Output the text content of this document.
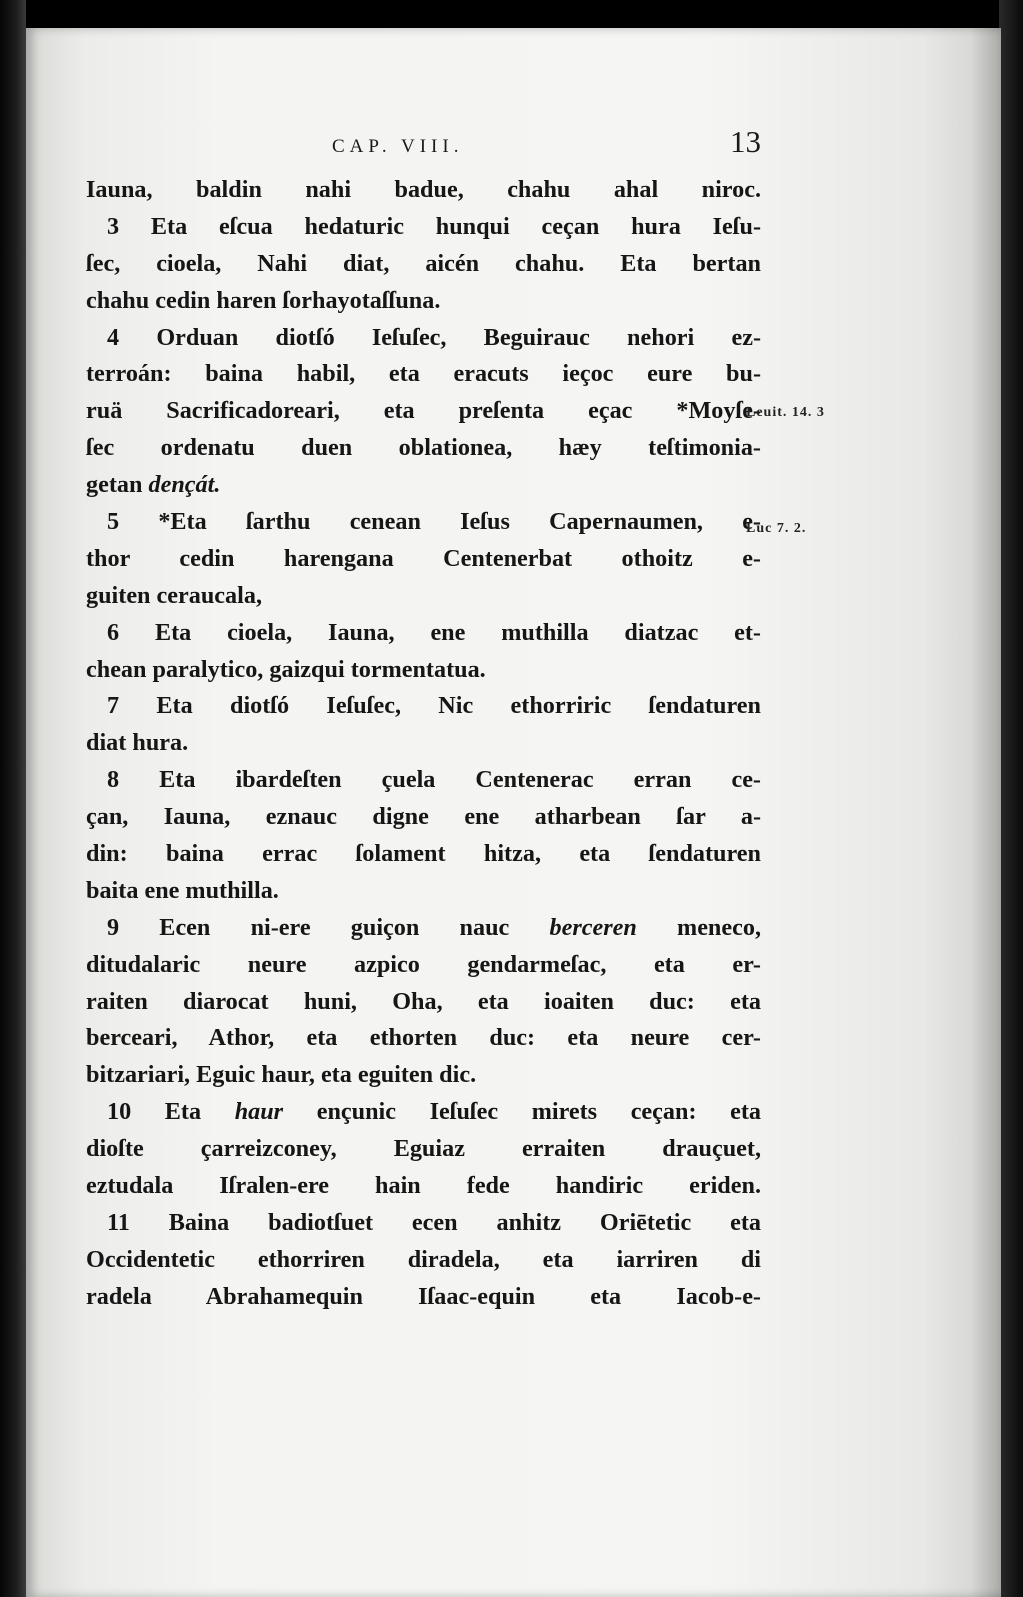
CAP. VIII.	13
Iauna, baldin nahi badue, chahu ahal niroc.
3 Eta eſcua hedaturic hunqui ceçan hura Ieſu-
ſec, cioela, Nahi diat, aicén chahu. Eta bertan
chahu cedin haren ſorhayotaſſuna.
4 Orduan diotſó Ieſuſec, Beguirauc nehori ez-
terroán: baina habil, eta eracuts ieçoc eure bu-
ruä Sacrificadoreari, eta preſenta eçac *Moyſe-
ſec ordenatu duen oblationea, hæy teſtimonia-
getan dençát.
5 *Eta ſarthu cenean Ieſus Capernaumen, e-
thor cedin harengana Centenerbat othoitz e-
guiten ceraucala,
6 Eta cioela, Iauna, ene muthilla diatzac et-
chean paralytico, gaizqui tormentatua.
7 Eta diotſó Ieſuſec, Nic ethorriric ſendaturen
diat hura.
8 Eta ibardeſten çuela Centenerac erran ce-
çan, Iauna, eznauc digne ene atharbean ſar a-
din: baina errac ſolament hitza, eta ſendaturen
baita ene muthilla.
9 Ecen ni-ere guiçon nauc berceren meneco,
ditudalaric neure azpico gendarmeſac, eta er-
raiten diarocat huni, Oha, eta ioaiten duc: eta
berceari, Athor, eta ethorten duc: eta neure cer-
bitzariari, Eguic haur, eta eguiten dic.
10 Eta haur ençunic Ieſuſec mirets ceçan: eta
dioſte çarreizconey, Eguiaz erraiten drauçuet,
eztudala Iſralen-ere hain fede handiric eriden.
11 Baina badiotſuet ecen anhitz Oriētetic eta
Occidentetic ethorriren diradela, eta iarriren di
radela Abrahamequin Iſaac-equin eta Iacob-e-
Leuit. 14. 3
Luc 7. 2.
